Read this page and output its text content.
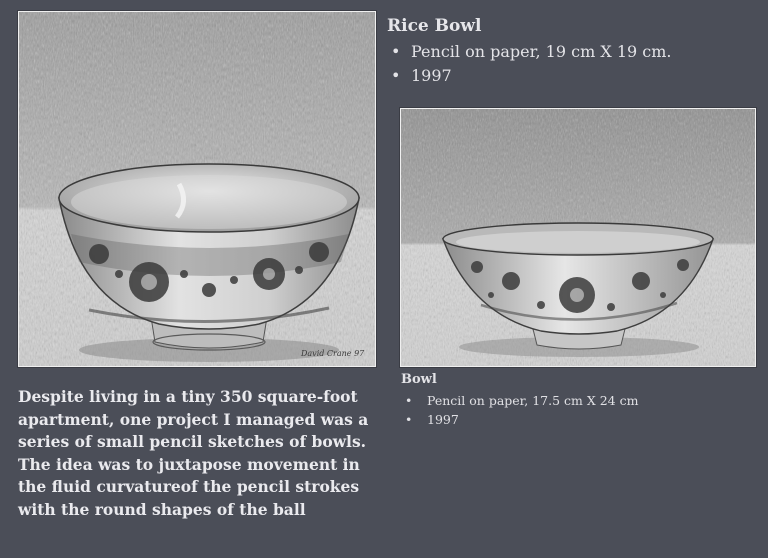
David Crane 97
Rice Bowl
• Pencil on paper, 19 cm X 19 cm.
• 1997
Bowl
• Pencil on paper, 17.5 cm X 24 cm
• 1997
Despite living in a tiny 350 square-foot apartment, one project I managed was a series of small pencil sketches of bowls. The idea was to juxtapose movement in the fluid curvatureof the pencil strokes with the round shapes of the ball
